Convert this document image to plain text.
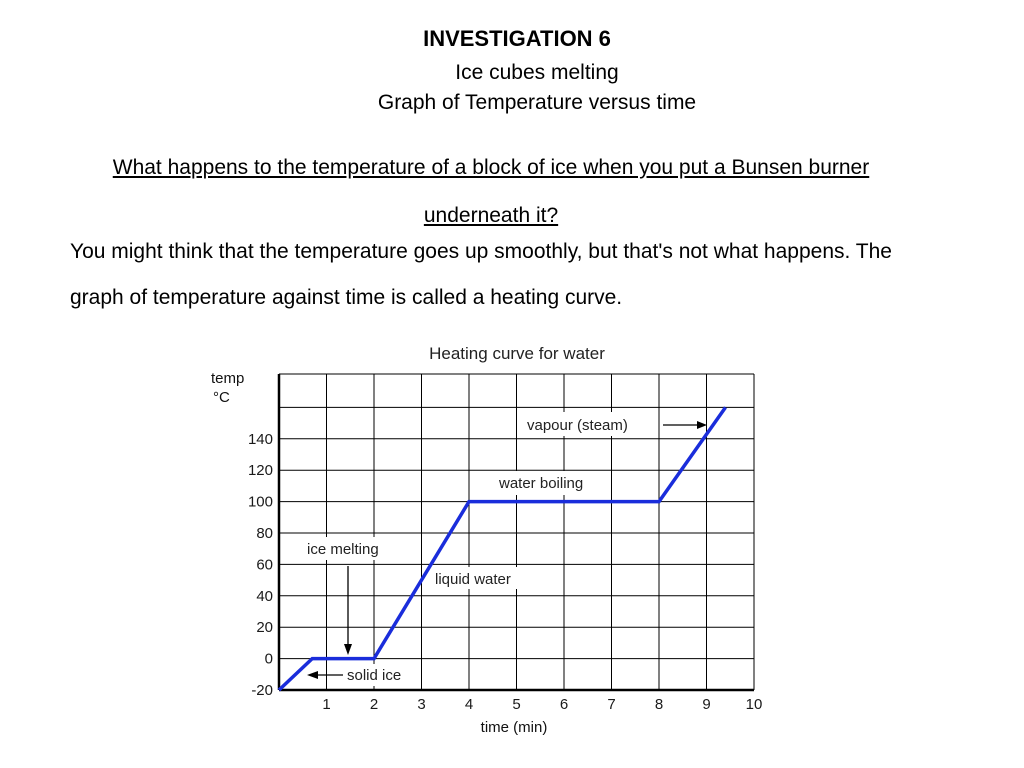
INVESTIGATION 6
Ice cubes melting
Graph of Temperature versus time
What happens to the temperature of a block of ice when you put a Bunsen burner underneath it?
You might think that the temperature goes up smoothly, but that's not what happens. The graph of temperature against time is called a heating curve.
Heating curve for water
temp
°C
time (min)
1	2	3	4	5	6	7	8	9 10
140
120
100
80
60
40
20
0
-20
vapour (steam)
water boiling
liquid water
ice melting
solid ice
